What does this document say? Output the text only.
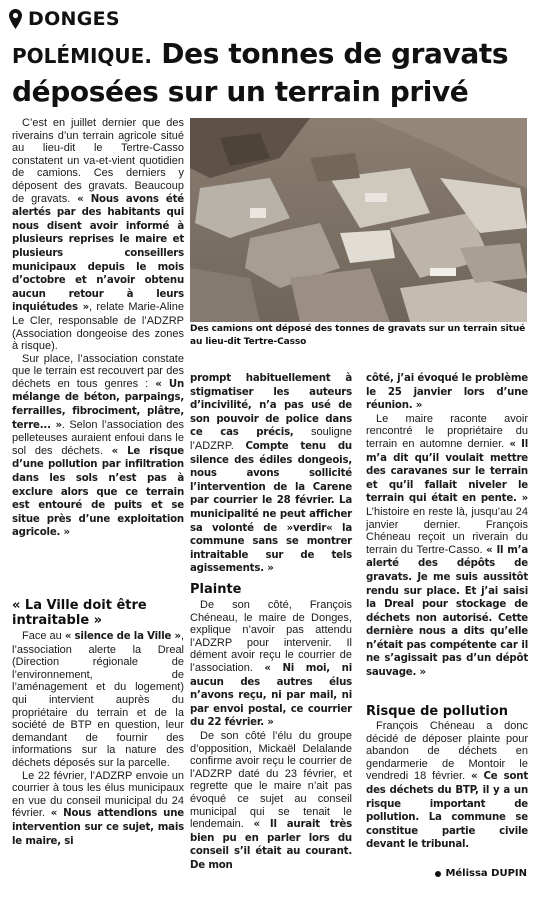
DONGES
POLÉMIQUE. Des tonnes de gravats
déposées sur un terrain privé
Des camions ont déposé des tonnes de gravats sur un terrain situé au lieu-dit Tertre-Casso

C’est en juillet dernier que des riverains d’un terrain agricole situé au lieu-dit le Tertre-Casso constatent un va-et-vient quotidien de camions. Ces derniers y déposent des gravats. Beaucoup de gravats. « Nous avons été alertés par des habitants qui nous disent avoir informé à plusieurs reprises le maire et plusieurs conseillers municipaux depuis le mois d’octobre et n’avoir obtenu aucun retour à leurs inquiétudes », relate Marie-Aline Le Cler, responsable de l’ADZRP (Association dongeoise des zones à risque).

Sur place, l’association constate que le terrain est recouvert par des déchets en tous genres : « Un mélange de béton, parpaings, ferrailles, fibrociment, plâtre, terre... ». Selon l’association des pelleteuses auraient enfoui dans le sol des déchets. « Le risque d’une pollution par infiltration dans les sols n’est pas à exclure alors que ce terrain est entouré de puits et se situe près d’une exploitation agricole. »

« La Ville doit être intraitable »

Face au « silence de la Ville », l’association alerte la Dreal (Direction régionale de l’environnement, de l’aménagement et du logement) qui intervient auprès du propriétaire du terrain et de la société de BTP en question, leur demandant de fournir des informations sur la nature des déchets déposés sur la parcelle.

Le 22 février, l’ADZRP envoie un courrier à tous les élus municipaux en vue du conseil municipal du 24 février. « Nous attendions une intervention sur ce sujet, mais le maire, si

prompt habituellement à stigmatiser les auteurs d’incivilité, n’a pas usé de son pouvoir de police dans ce cas précis, souligne l’ADZRP. Compte tenu du silence des édiles dongeois, nous avons sollicité l’intervention de la Carene par courrier le 28 février. La municipalité ne peut afficher sa volonté de »verdir« la commune sans se montrer intraitable sur de tels agissements. »

Plainte

De son côté, François Chéneau, le maire de Donges, explique n’avoir pas attendu l’ADZRP pour intervenir. Il dément avoir reçu le courrier de l’association. « Ni moi, ni aucun des autres élus n’avons reçu, ni par mail, ni par envoi postal, ce courrier du 22 février. »

De son côté l’élu du groupe d’opposition, Mickaël Delalande confirme avoir reçu le courrier de l’ADZRP daté du 23 février, et regrette que le maire n’ait pas évoqué ce sujet au conseil municipal qui se tenait le lendemain. « Il aurait très bien pu en parler lors du conseil s’il était au courant. De mon

côté, j’ai évoqué le problème le 25 janvier lors d’une réunion. »

Le maire raconte avoir rencontré le propriétaire du terrain en automne dernier. « Il m’a dit qu’il voulait mettre des caravanes sur le terrain et qu’il fallait niveler le terrain qui était en pente. » L’histoire en reste là, jusqu’au 24 janvier dernier. François Chéneau reçoit un riverain du terrain du Tertre-Casso. « Il m’a alerté des dépôts de gravats. Je me suis aussitôt rendu sur place. Et j’ai saisi la Dreal pour stockage de déchets non autorisé. Cette dernière nous a dits qu’elle n’était pas compétente car il ne s’agissait pas d’un dépôt sauvage. »

Risque de pollution

François Chéneau a donc décidé de déposer plainte pour abandon de déchets en gendarmerie de Montoir le vendredi 18 février. « Ce sont des déchets du BTP, il y a un risque important de pollution. La commune se constitue partie civile devant le tribunal.

Mélissa DUPIN
